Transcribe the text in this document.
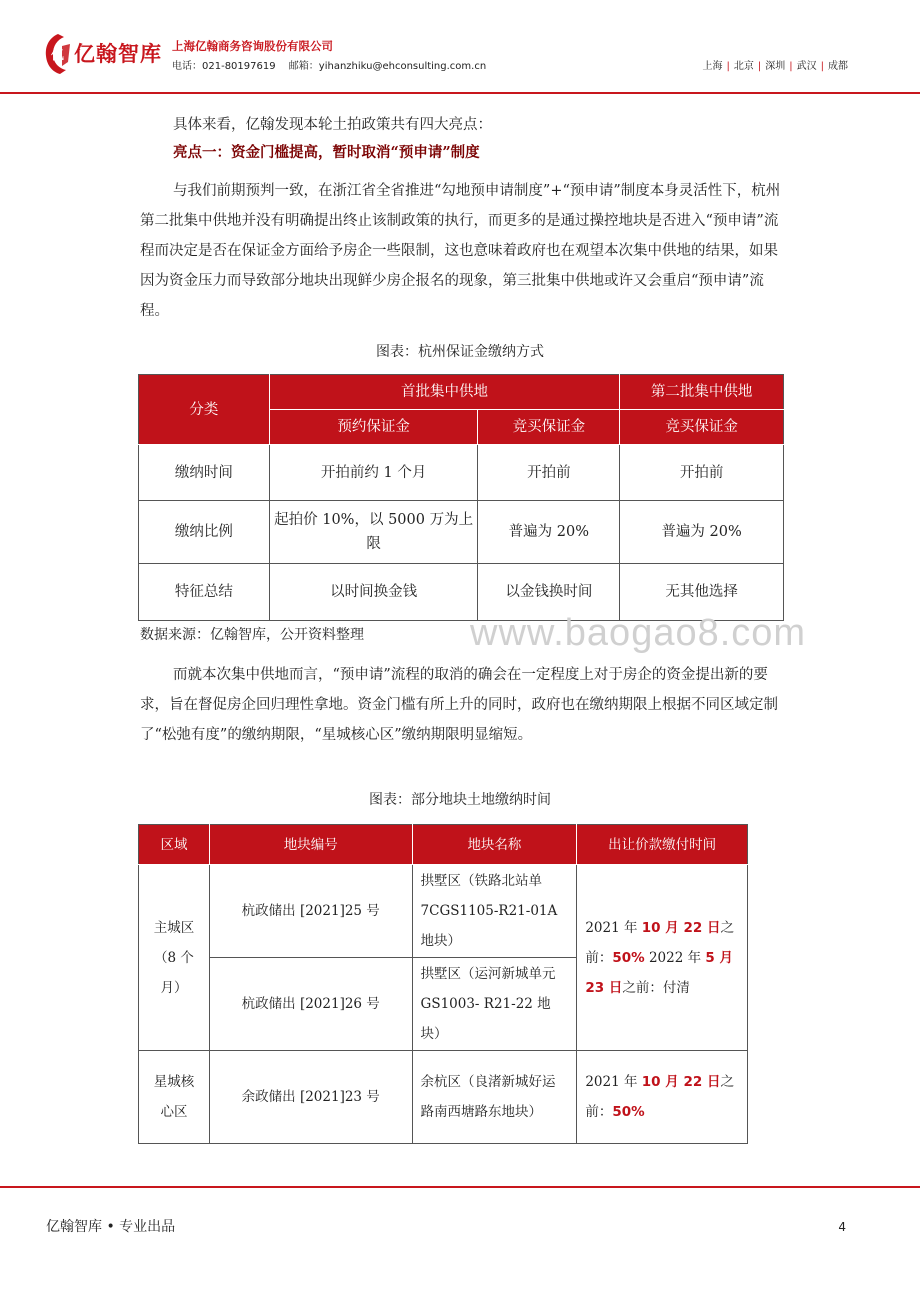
亿 亿翰智库 上海亿翰商务咨询股份有限公司
电话：021-80197619 邮箱：yihanzhiku@ehconsulting.com.cn	上海 | 北京 | 深圳 | 武汉 | 成都
具体来看，亿翰发现本轮土拍政策共有四大亮点：
亮点一：资金门槛提高，暂时取消“预申请”制度
与我们前期预判一致，在浙江省全省推进“勾地预申请制度”+“预申请”制度本身灵活性下，杭州第二批集中供地并没有明确提出终止该制政策的执行，而更多的是通过操控地块是否进入“预申请”流程而决定是否在保证金方面给予房企一些限制，这也意味着政府也在观望本次集中供地的结果，如果因为资金压力而导致部分地块出现鲜少房企报名的现象，第三批集中供地或许又会重启“预申请”流程。
图表：杭州保证金缴纳方式
分类	首批集中供地		第二批集中供地
	预约保证金	竞买保证金	竞买保证金
缴纳时间	开拍前约 1 个月	开拍前	开拍前
缴纳比例	起拍价 10%，以 5000 万为上限	普遍为 20%	普遍为 20%
特征总结	以时间换金钱	以金钱换时间	无其他选择
www.baogao8.com
数据来源：亿翰智库，公开资料整理
而就本次集中供地而言，“预申请”流程的取消的确会在一定程度上对于房企的资金提出新的要求，旨在督促房企回归理性拿地。资金门槛有所上升的同时，政府也在缴纳期限上根据不同区域定制了“松弛有度”的缴纳期限，“星城核心区”缴纳期限明显缩短。
图表：部分地块土地缴纳时间
区域	地块编号	地块名称	出让价款缴付时间
主城区（8 个月）	杭政储出 [2021]25 号	拱墅区（铁路北站单7CGS1105-R21-01A 地块）	2021 年 10 月 22 日之前：50% 2022 年 5 月 23 日之前：付清
	杭政储出 [2021]26 号	拱墅区（运河新城单元 GS1003- R21-22 地块）	
星城核心区	余政储出 [2021]23 号	余杭区（良渚新城好运路南西塘路东地块）	2021 年 10 月 22 日之前：50%
亿翰智库 • 专业出品	4
